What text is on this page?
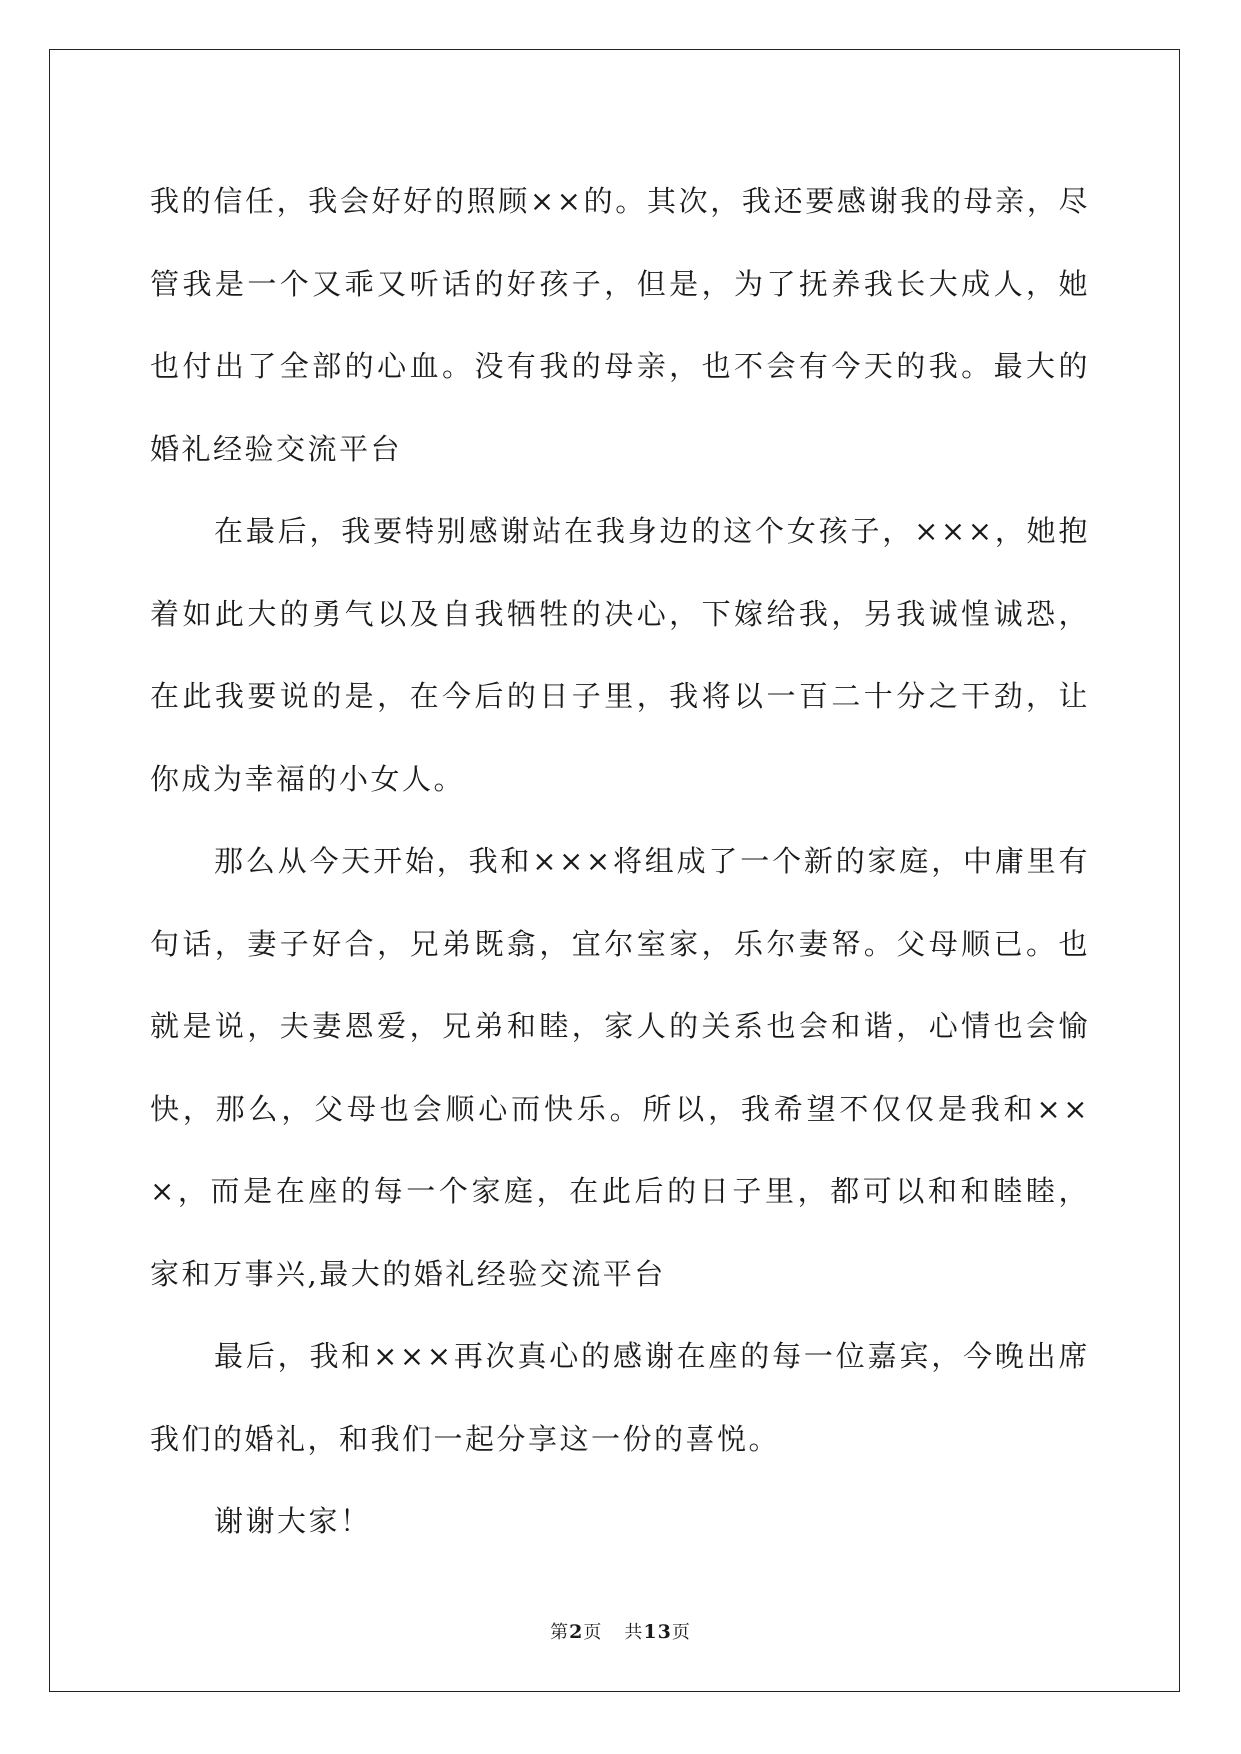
我的信任，我会好好的照顾××的。其次，我还要感谢我的母亲，尽管我是一个又乖又听话的好孩子，但是，为了抚养我长大成人，她也付出了全部的心血。没有我的母亲，也不会有今天的我。最大的婚礼经验交流平台

在最后，我要特别感谢站在我身边的这个女孩子，×××，她抱着如此大的勇气以及自我牺牲的决心，下嫁给我，另我诚惶诚恐，在此我要说的是，在今后的日子里，我将以一百二十分之干劲，让你成为幸福的小女人。

那么从今天开始，我和×××将组成了一个新的家庭，中庸里有句话，妻子好合，兄弟既翕，宜尔室家，乐尔妻帑。父母顺已。也就是说，夫妻恩爱，兄弟和睦，家人的关系也会和谐，心情也会愉快，那么，父母也会顺心而快乐。所以，我希望不仅仅是我和×××，而是在座的每一个家庭，在此后的日子里，都可以和和睦睦，家和万事兴,最大的婚礼经验交流平台

最后，我和×××再次真心的感谢在座的每一位嘉宾，今晚出席我们的婚礼，和我们一起分享这一份的喜悦。

谢谢大家！

第2页 共13页
